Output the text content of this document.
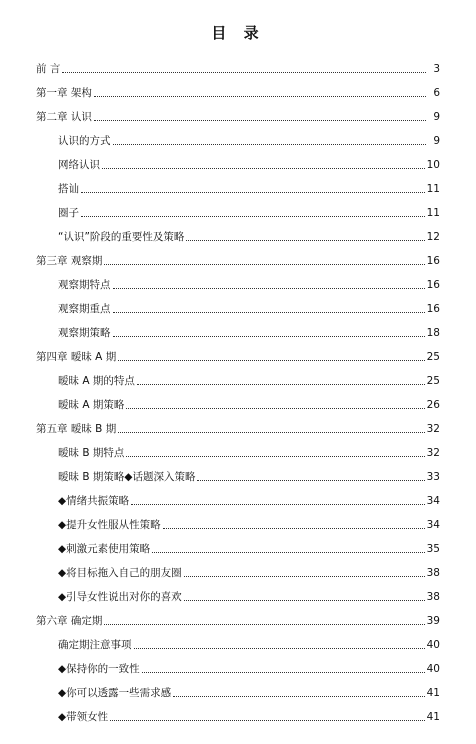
目 录
前 言	3
第一章 架构	6
第二章 认识	9
认识的方式	9
网络认识	10
搭讪	11
圈子	11
“认识”阶段的重要性及策略	12
第三章 观察期	16
观察期特点	16
观察期重点	16
观察期策略	18
第四章 暧昧 A 期	25
暧昧 A 期的特点	25
暧昧 A 期策略	26
第五章 暧昧 B 期	32
暧昧 B 期特点	32
暧昧 B 期策略◆话题深入策略	33
◆情绪共振策略	34
◆提升女性服从性策略	34
◆刺激元素使用策略	35
◆将目标拖入自己的朋友圈	38
◆引导女性说出对你的喜欢	38
第六章 确定期	39
确定期注意事项	40
◆保持你的一致性	40
◆你可以透露一些需求感	41
◆带领女性	41
